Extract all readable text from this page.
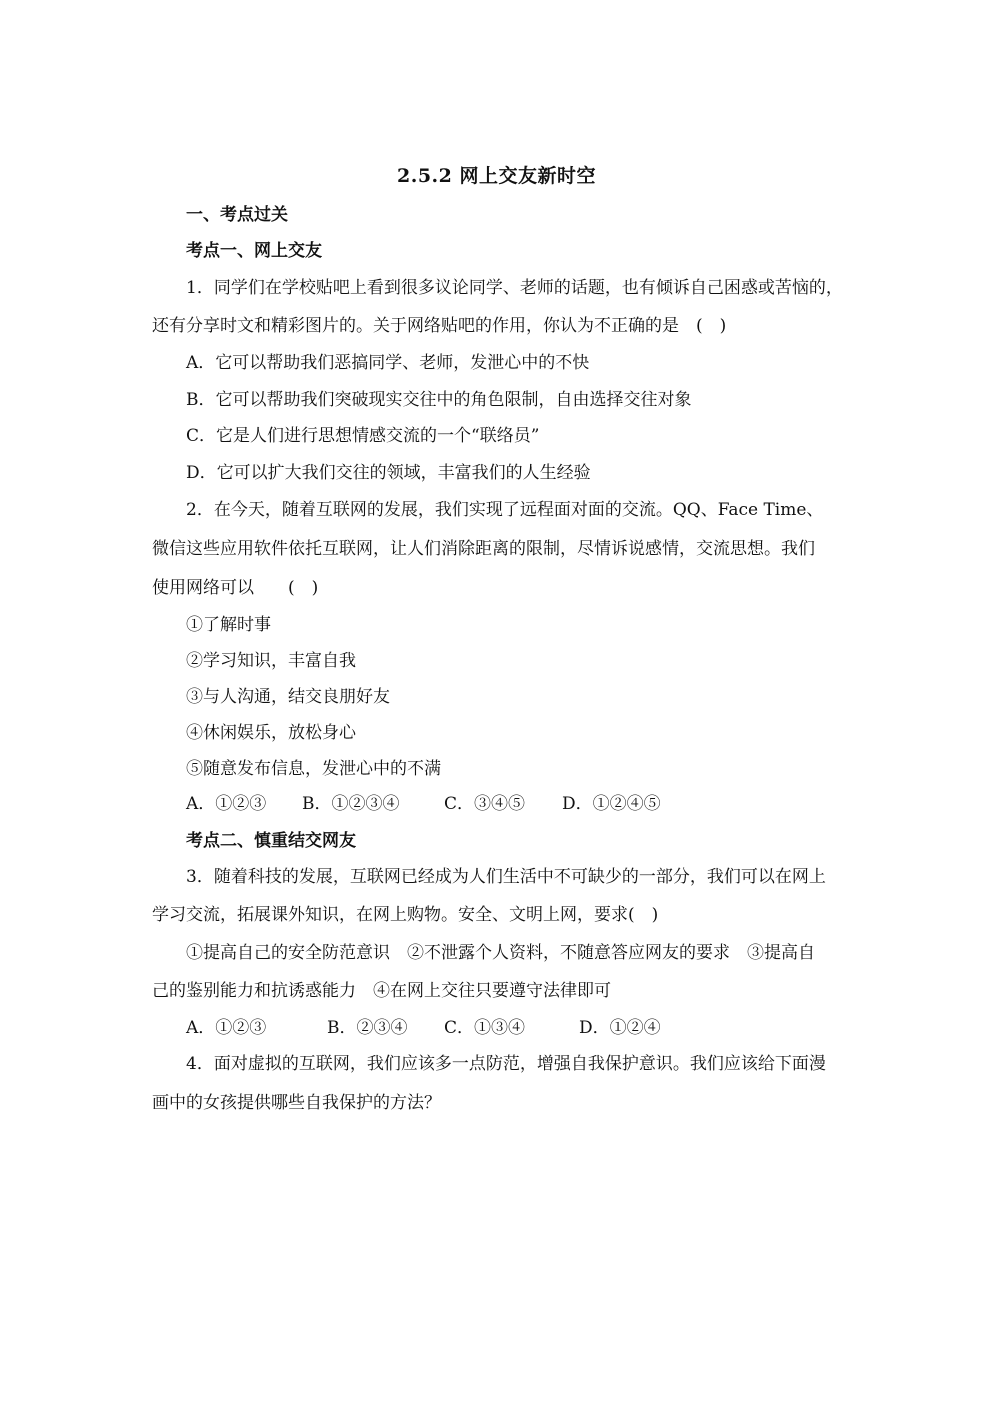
2.5.2 网上交友新时空
一、考点过关
考点一、网上交友
1．同学们在学校贴吧上看到很多议论同学、老师的话题，也有倾诉自己困惑或苦恼的，
还有分享时文和精彩图片的。关于网络贴吧的作用，你认为不正确的是　(　)
A．它可以帮助我们恶搞同学、老师，发泄心中的不快
B．它可以帮助我们突破现实交往中的角色限制，自由选择交往对象
C．它是人们进行思想情感交流的一个“联络员”
D．它可以扩大我们交往的领域，丰富我们的人生经验
2．在今天，随着互联网的发展，我们实现了远程面对面的交流。QQ、Face Time、
微信这些应用软件依托互联网，让人们消除距离的限制，尽情诉说感情，交流思想。我们
使用网络可以　　(　)
①了解时事
②学习知识，丰富自我
③与人沟通，结交良朋好友
④休闲娱乐，放松身心
⑤随意发布信息，发泄心中的不满
A．①②③ B．①②③④	C．③④⑤ D．①②④⑤
考点二、慎重结交网友
3．随着科技的发展，互联网已经成为人们生活中不可缺少的一部分，我们可以在网上
学习交流，拓展课外知识，在网上购物。安全、文明上网，要求(　)
①提高自己的安全防范意识　②不泄露个人资料，不随意答应网友的要求　③提高自
己的鉴别能力和抗诱惑能力　④在网上交往只要遵守法律即可
A．①②③	B．②③④ C．①③④	D．①②④
4．面对虚拟的互联网，我们应该多一点防范，增强自我保护意识。我们应该给下面漫
画中的女孩提供哪些自我保护的方法？
